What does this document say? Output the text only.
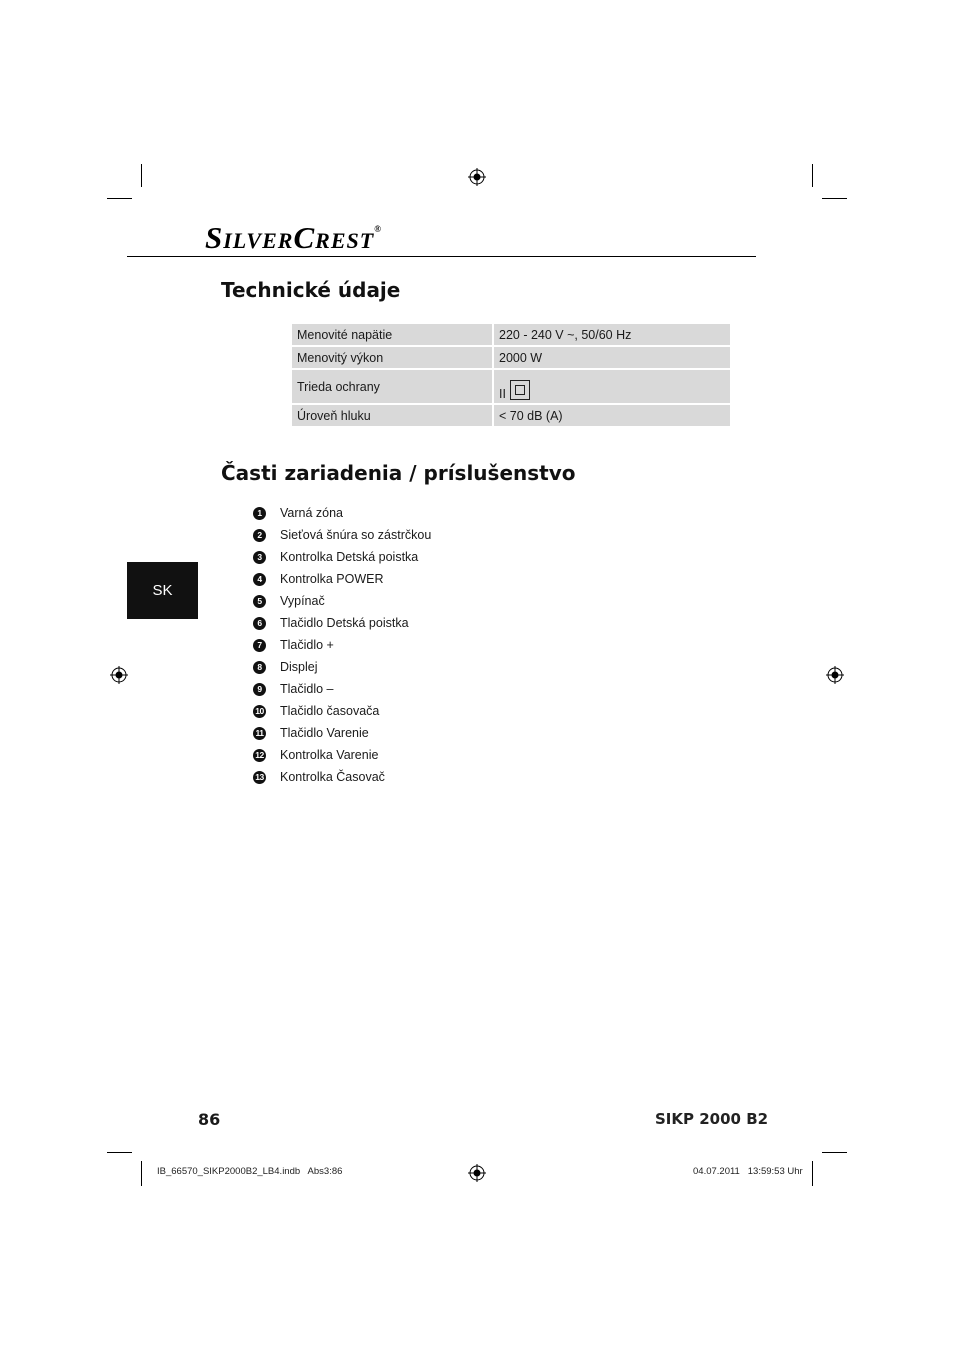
SILVERCREST®
Technické údaje
Menovité napätie	220 - 240 V ~, 50/60 Hz
Menovitý výkon	2000 W
Trieda ochrany	II
Úroveň hluku	< 70 dB (A)
Časti zariadenia / príslušenstvo
1	Varná zóna
2	Sieťová šnúra so zástrčkou
3	Kontrolka Detská poistka
4	Kontrolka POWER
5	Vypínač
6	Tlačidlo Detská poistka
7	Tlačidlo +
8	Displej
9	Tlačidlo –
10 Tlačidlo časovača
11 Tlačidlo Varenie
12 Kontrolka Varenie
13 Kontrolka Časovač
SK
86	SIKP 2000 B2
IB_66570_SIKP2000B2_LB4.indb   Abs3:86	04.07.2011   13:59:53 Uhr
